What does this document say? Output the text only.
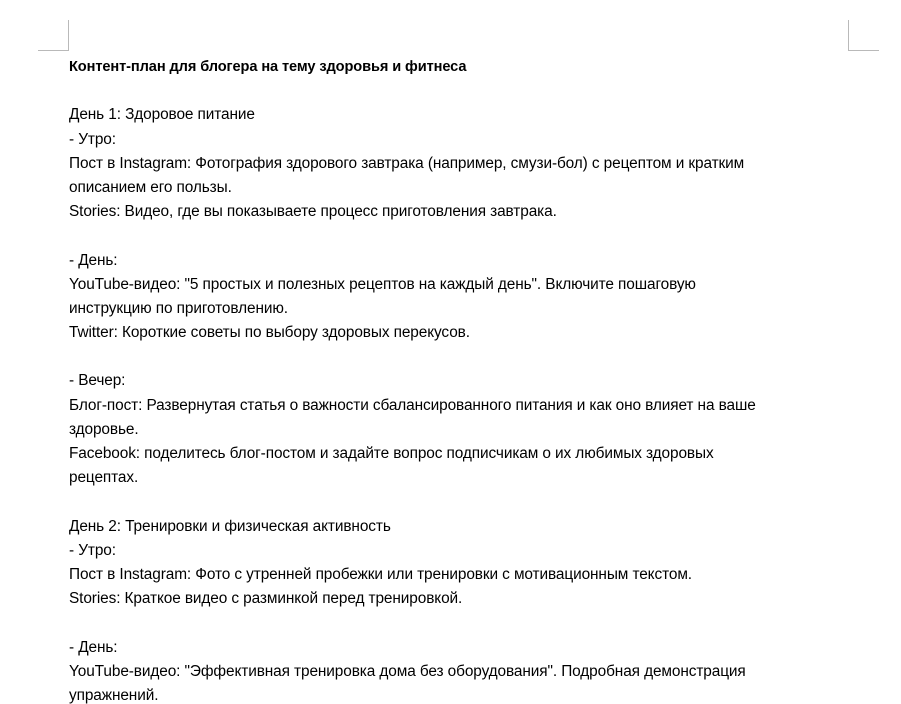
Контент-план для блогера на тему здоровья и фитнеса
День 1: Здоровое питание
- Утро:
Пост в Instagram: Фотография здорового завтрака (например, смузи-бол) с рецептом и кратким
описанием его пользы.
Stories: Видео, где вы показываете процесс приготовления завтрака.
- День:
YouTube-видео: "5 простых и полезных рецептов на каждый день". Включите пошаговую
инструкцию по приготовлению.
Twitter: Короткие советы по выбору здоровых перекусов.
- Вечер:
Блог-пост: Развернутая статья о важности сбалансированного питания и как оно влияет на ваше
здоровье.
Facebook: поделитесь блог-постом и задайте вопрос подписчикам о их любимых здоровых
рецептах.
День 2: Тренировки и физическая активность
- Утро:
Пост в Instagram: Фото с утренней пробежки или тренировки с мотивационным текстом.
Stories: Краткое видео с разминкой перед тренировкой.
- День:
YouTube-видео: "Эффективная тренировка дома без оборудования". Подробная демонстрация
упражнений.
